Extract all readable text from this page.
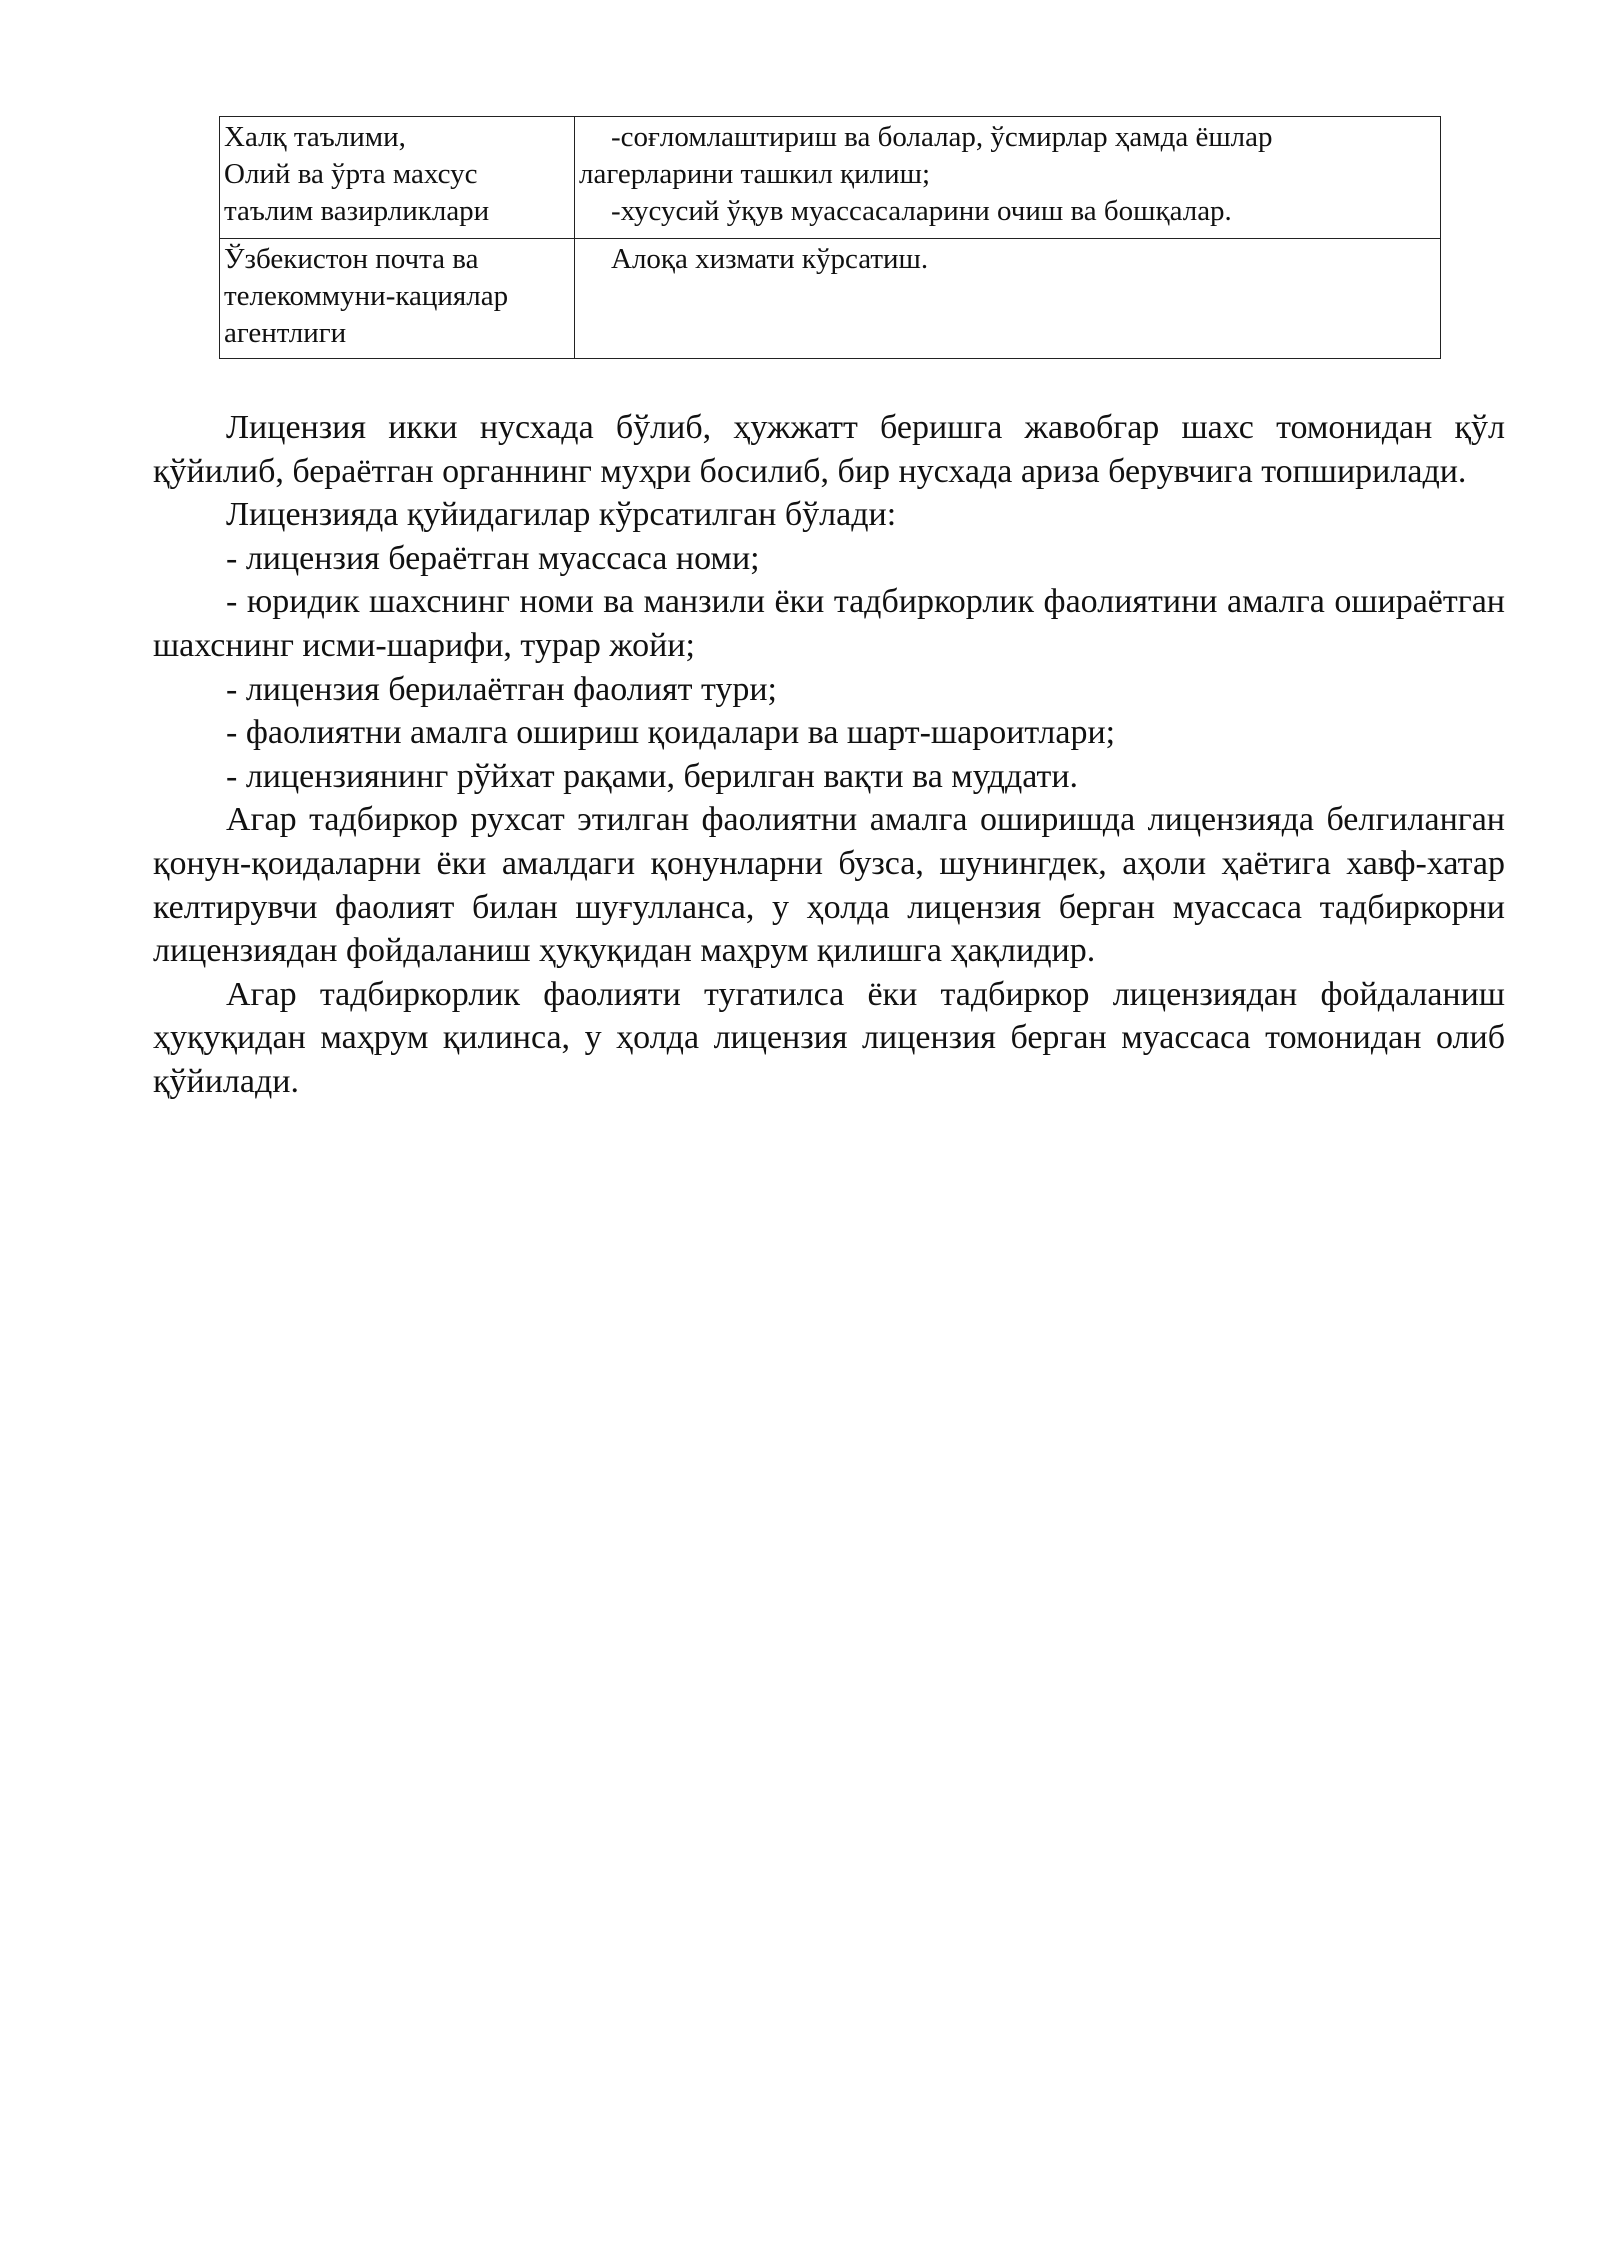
Халқ таълими,
Олий ва ўрта махсус
таълим вазирликлари	-соғломлаштириш ва болалар, ўсмирлар ҳамда ёшлар
лагерларини ташкил қилиш;
-хусусий ўқув муассасаларини очиш ва бошқалар.

Ўзбекистон почта ва
телекоммуни-кациялар
агентлиги	Алоқа хизмати кўрсатиш.

Лицензия икки нусхада бўлиб, ҳужжатт беришга жавобгар шахс томонидан қўл қўйилиб, бераётган органнинг муҳри босилиб, бир нусхада ариза берувчига топширилади.

Лицензияда қуйидагилар кўрсатилган бўлади:

- лицензия бераётган муассаса номи;

- юридик шахснинг номи ва манзили ёки тадбиркорлик фаолиятини амалга ошираётган шахснинг исми-шарифи, турар жойи;

- лицензия берилаётган фаолият тури;

- фаолиятни амалга ошириш қоидалари ва шарт-шароитлари;

- лицензиянинг рўйхат рақами, берилган вақти ва муддати.

Агар тадбиркор рухсат этилган фаолиятни амалга оширишда лицензияда белгиланган қонун-қоидаларни ёки амалдаги қонунларни бузса, шунингдек, аҳоли ҳаётига хавф-хатар келтирувчи фаолият билан шуғулланса, у ҳолда лицензия берган муассаса тадбиркорни лицензиядан фойдаланиш ҳуқуқидан маҳрум қилишга ҳақлидир.

Агар тадбиркорлик фаолияти тугатилса ёки тадбиркор лицензиядан фойдаланиш ҳуқуқидан маҳрум қилинса, у ҳолда лицензия лицензия берган муассаса томонидан олиб қўйилади.
